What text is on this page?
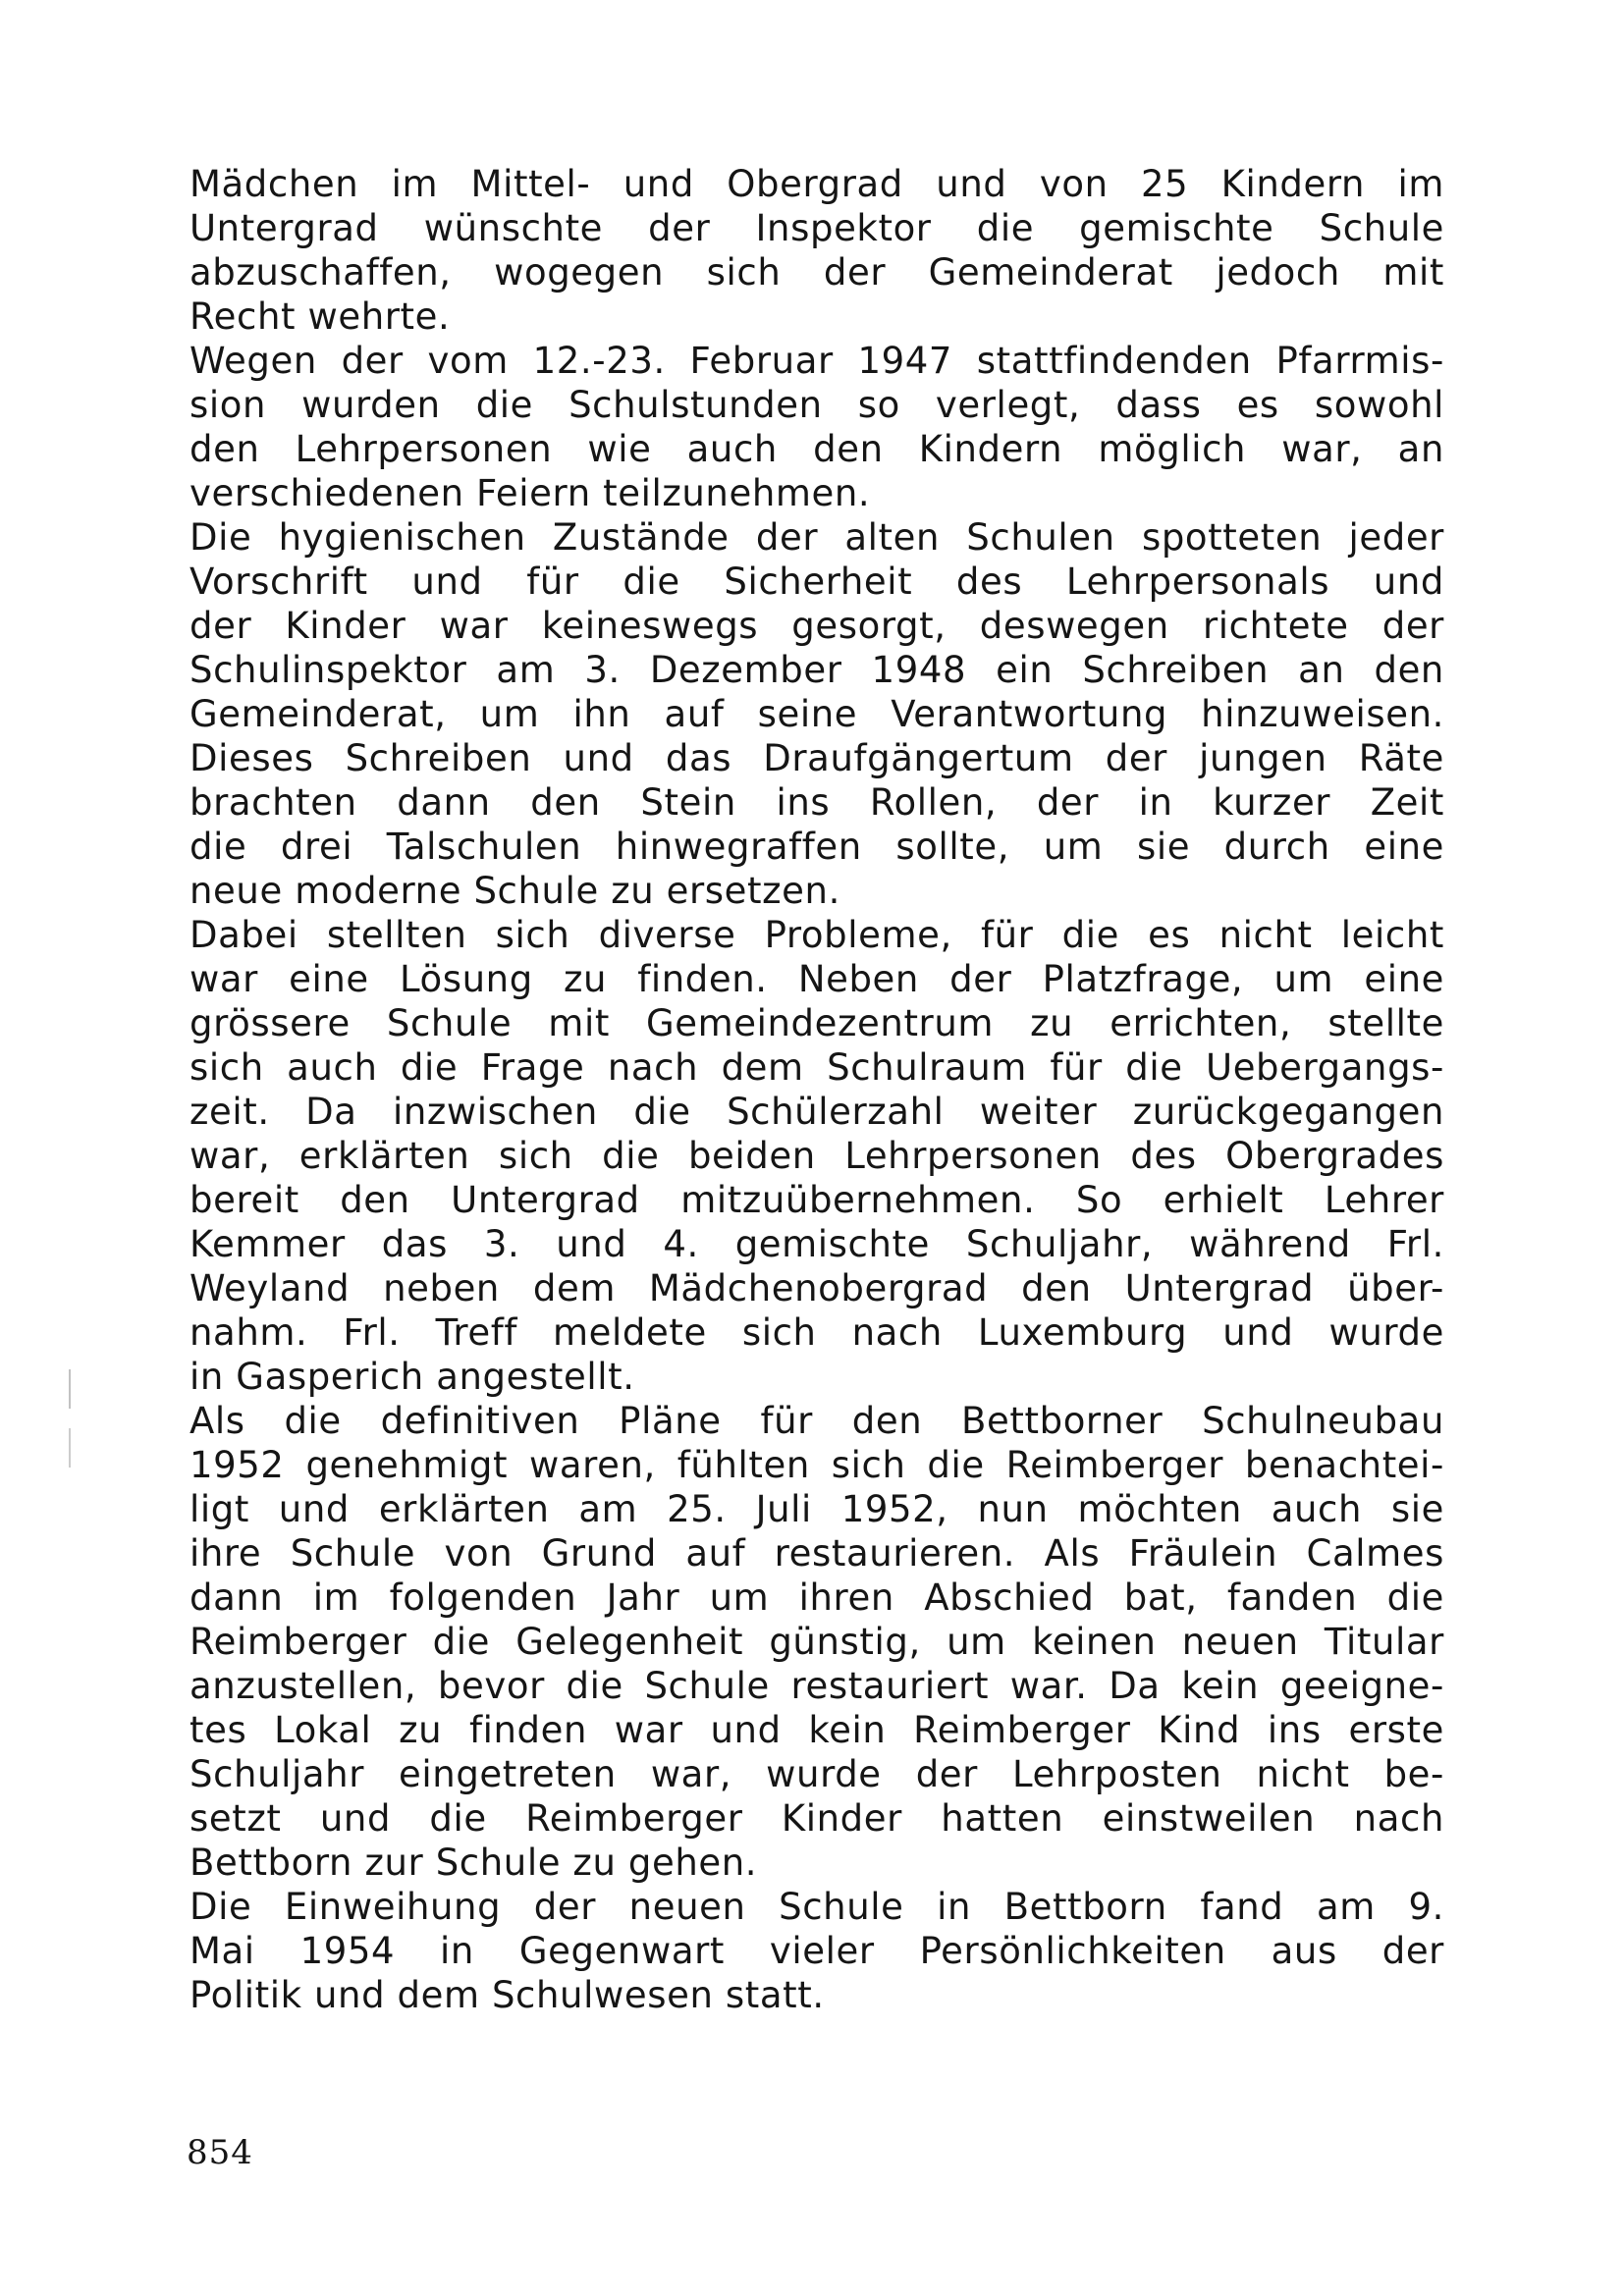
Mädchen im Mittel- und Obergrad und von 25 Kindern im
Untergrad wünschte der Inspektor die gemischte Schule
abzuschaffen, wogegen sich der Gemeinderat jedoch mit
Recht wehrte.
Wegen der vom 12.-23. Februar 1947 stattfindenden Pfarrmis-
sion wurden die Schulstunden so verlegt, dass es sowohl
den Lehrpersonen wie auch den Kindern möglich war, an
verschiedenen Feiern teilzunehmen.
Die hygienischen Zustände der alten Schulen spotteten jeder
Vorschrift und für die Sicherheit des Lehrpersonals und
der Kinder war keineswegs gesorgt, deswegen richtete der
Schulinspektor am 3. Dezember 1948 ein Schreiben an den
Gemeinderat, um ihn auf seine Verantwortung hinzuweisen.
Dieses Schreiben und das Draufgängertum der jungen Räte
brachten dann den Stein ins Rollen, der in kurzer Zeit
die drei Talschulen hinwegraffen sollte, um sie durch eine
neue moderne Schule zu ersetzen.
Dabei stellten sich diverse Probleme, für die es nicht leicht
war eine Lösung zu finden. Neben der Platzfrage, um eine
grössere Schule mit Gemeindezentrum zu errichten, stellte
sich auch die Frage nach dem Schulraum für die Uebergangs-
zeit. Da inzwischen die Schülerzahl weiter zurückgegangen
war, erklärten sich die beiden Lehrpersonen des Obergrades
bereit den Untergrad mitzuübernehmen. So erhielt Lehrer
Kemmer das 3. und 4. gemischte Schuljahr, während Frl.
Weyland neben dem Mädchenobergrad den Untergrad über-
nahm. Frl. Treff meldete sich nach Luxemburg und wurde
in Gasperich angestellt.
Als die definitiven Pläne für den Bettborner Schulneubau
1952 genehmigt waren, fühlten sich die Reimberger benachtei-
ligt und erklärten am 25. Juli 1952, nun möchten auch sie
ihre Schule von Grund auf restaurieren. Als Fräulein Calmes
dann im folgenden Jahr um ihren Abschied bat, fanden die
Reimberger die Gelegenheit günstig, um keinen neuen Titular
anzustellen, bevor die Schule restauriert war. Da kein geeigne-
tes Lokal zu finden war und kein Reimberger Kind ins erste
Schuljahr eingetreten war, wurde der Lehrposten nicht be-
setzt und die Reimberger Kinder hatten einstweilen nach
Bettborn zur Schule zu gehen.
Die Einweihung der neuen Schule in Bettborn fand am 9.
Mai 1954 in Gegenwart vieler Persönlichkeiten aus der
Politik und dem Schulwesen statt.
854
